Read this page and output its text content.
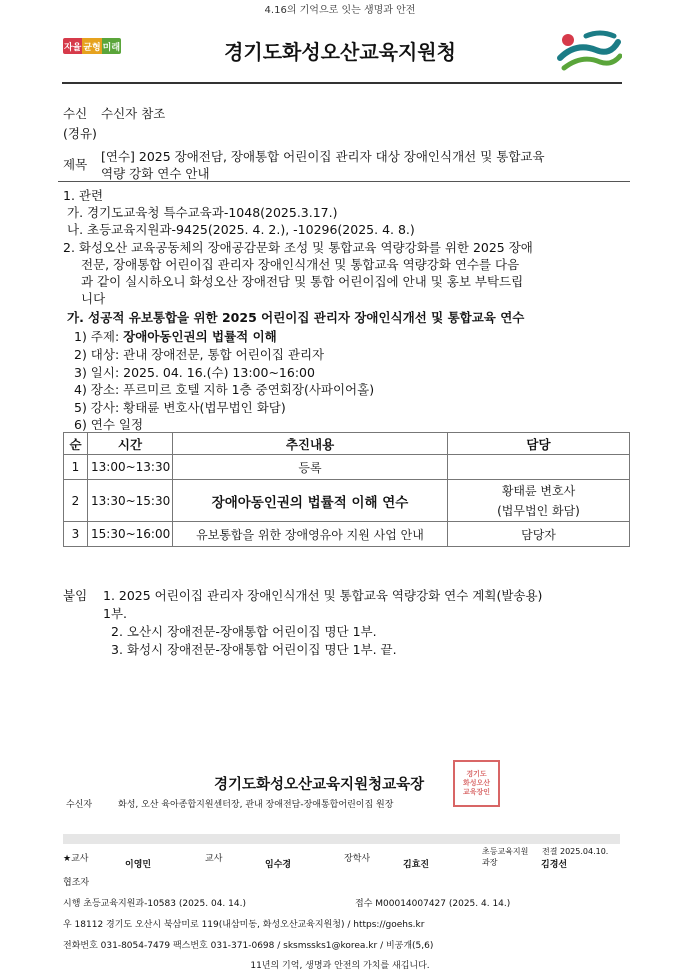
4.16의 기억으로 잇는 생명과 안전
자율 균형 미래	경기도화성오산교육지원청
수신 수신자 참조
(경유)
제목
[연수] 2025 장애전담, 장애통합 어린이집 관리자 대상 장애인식개선 및 통합교육
역량 강화 연수 안내
1. 관련
가. 경기도교육청 특수교육과-1048(2025.3.17.)
나. 초등교육지원과-9425(2025. 4. 2.), -10296(2025. 4. 8.)
2. 화성오산 교육공동체의 장애공감문화 조성 및 통합교육 역량강화를 위한 2025 장애
전문, 장애통합 어린이집 관리자 장애인식개선 및 통합교육 역량강화 연수를 다음
과 같이 실시하오니 화성오산 장애전담 및 통합 어린이집에 안내 및 홍보 부탁드립
니다
가. 성공적 유보통합을 위한 2025 어린이집 관리자 장애인식개선 및 통합교육 연수
1) 주제: 장애아동인권의 법률적 이해
2) 대상: 관내 장애전문, 통합 어린이집 관리자
3) 일시: 2025. 04. 16.(수) 13:00~16:00
4) 장소: 푸르미르 호텔 지하 1층 중연회장(사파이어홀)
5) 강사: 황태륜 변호사(법무법인 화담)
6) 연수 일정
순	시간	추진내용	담당
1	13:00~13:30	등록	
2	13:30~15:30	장애아동인권의 법률적 이해 연수	황태륜 변호사
(법무법인 화담)

3	15:30~16:00	유보통합을 위한 장애영유아 지원 사업 안내	담당자
붙임 1. 2025 어린이집 관리자 장애인식개선 및 통합교육 역량강화 연수 계획(발송용)
1부.
2. 오산시 장애전문-장애통합 어린이집 명단 1부.
3. 화성시 장애전문-장애통합 어린이집 명단 1부. 끝.
경기도화성오산교육지원청교육장
경기도
화성오산
교육장인
수신자	화성, 오산 육아종합지원센터장, 관내 장애전담-장애통합어린이집 원장
★교사
이영민
교사
임수경
장학사
김효진
초등교육지원 전결 2025.04.10.
과장	김경선
협조자
시행 초등교육지원과-10583 (2025. 04. 14.)	접수 M00014007427 (2025. 4. 14.)
우 18112 경기도 오산시 북삼미로 119(내삼미동, 화성오산교육지원청) / https://goehs.kr
전화번호 031-8054-7479 팩스번호 031-371-0698 / sksmssks1@korea.kr / 비공개(5,6)
11년의 기억, 생명과 안전의 가치를 새깁니다.
